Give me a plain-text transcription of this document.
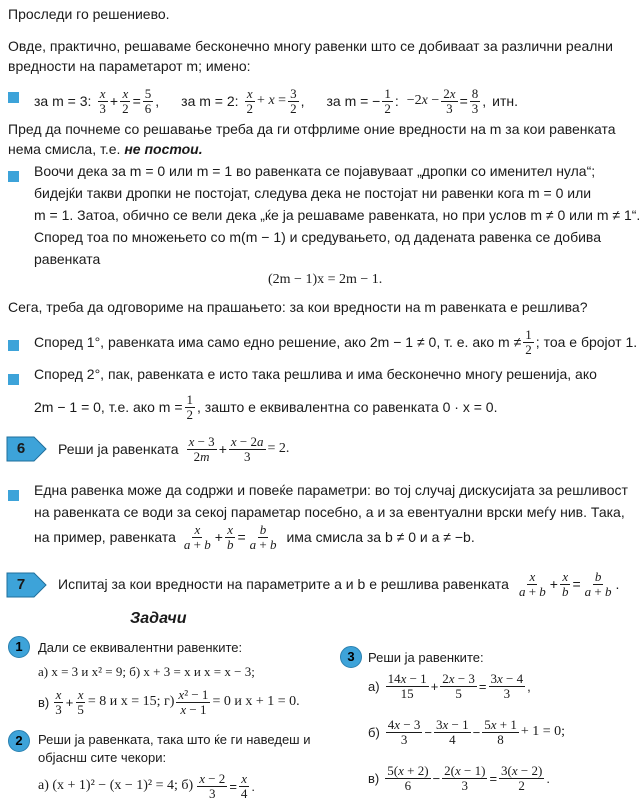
Проследи го решениево.
Овде, практично, решаваме бесконечно многу равенки што се добиваат за различни реални
вредности на параметарот m; имено:
за m = 3: $\frac{x}{3} + \frac{x}{2} = \frac{5}{6}$ , за m = 2: $\frac{x}{2} + x = \frac{3}{2}$ , за m = − $\frac{1}{2}$ : $-2x - \frac{2x}{3} = \frac{8}{3}$ , итн.
Пред да почнеме со решавање треба да ги отфрлиме оние вредности на m за кои равенката
нема смисла, т.е. не постои.
Воочи дека за m = 0 или m = 1 во равенката се појавуваат „дропки со именител нула“;
бидејќи такви дропки не постојат, следува дека не постојат ни равенки кога m = 0 или
m = 1. Затоа, обично се вели дека „ќе ја решаваме равенката, но при услов m ≠ 0 или m ≠ 1“.
Според тоа по множењето со m(m − 1) и средувањето, од дадената равенка се добива
равенката
(2m − 1)x = 2m − 1.
Сега, треба да одговориме на прашањето: за кои вредности на m равенката е решлива?
Според 1°, равенката има само едно решение, ако 2m − 1 ≠ 0, т. е. ако $m \ne \frac{1}{2}$ ; тоа е бројот 1.
Според 2°, пак, равенката е исто така решлива и има бесконечно многу решенија, ако
2m − 1 = 0, т.е. ако $m = \frac{1}{2}$ , зашто е еквивалентна со равенката 0 · x = 0.
6	Реши ја равенката $\frac{x - 3}{2m} + \frac{x - 2a}{3} = 2$.
Една равенка може да содржи и повеќе параметри: во тој случај дискусијата за решливост
на равенката се води за секој параметар посебно, а и за евентуални врски меѓу нив. Така,
на пример, равенката $\frac{x}{a + b} + \frac{x}{b} = \frac{b}{a + b}$ има смисла за b ≠ 0 и a ≠ −b.
7	Испитај за кои вредности на параметрите a и b е решлива равенката $\frac{x}{a + b} + \frac{x}{b} = \frac{b}{a + b}$ .
Задачи
1	Дали се еквивалентни равенките:
а) x = 3 и x² = 9; б) x + 3 = x и x = x − 3;
$в) \frac{x}{3} + \frac{x}{5} = 8$ и x = 15; $г) \frac{\text{x² − 1}}{x - 1} = 0$ и x + 1 = 0.
2	Реши ја равенката, така што ќе ги наведеш и
објаснш сите чекори:
а) (x + 1)² − (x − 1)² = 4; $б) \frac{x - 2}{3} = \frac{x}{4}$ .
3	Реши ја равенките:
$а) \frac{14x - 1}{15} + \frac{2x - 3}{5} = \frac{3x - 4}{3}$ ,
$б) \frac{4x - 3}{3} - \frac{3x - 1}{4} - \frac{5x + 1}{8} + 1 = 0$;
$в) \frac{5(x + 2)}{6} - \frac{2(x - 1)}{3} = \frac{3(x - 2)}{2}$ .
